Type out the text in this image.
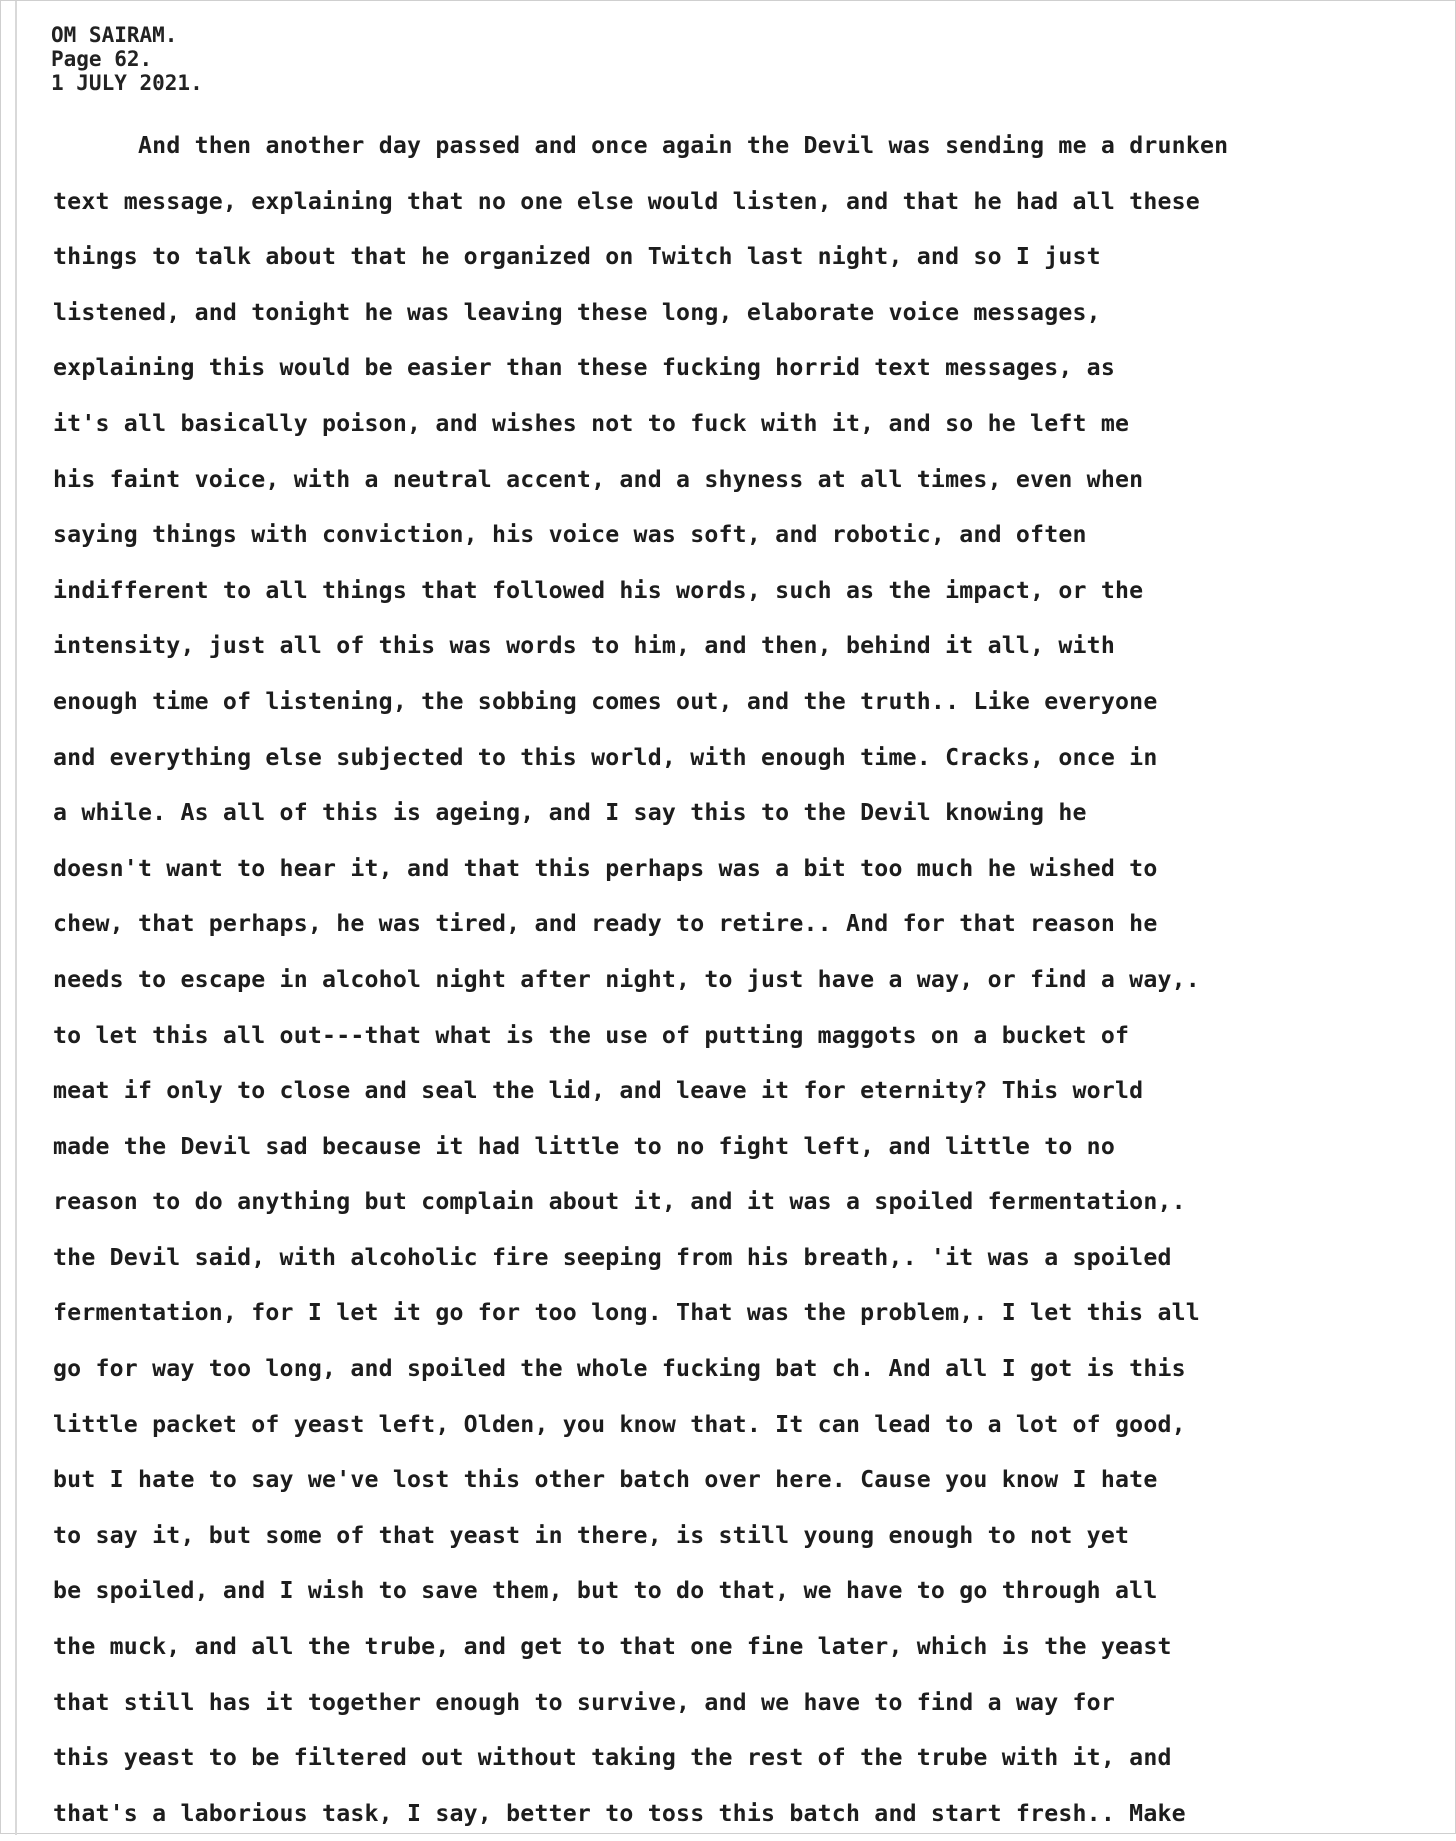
OM SAIRAM.
Page 62.
1 JULY 2021.
And then another day passed and once again the Devil was sending me a drunken
text message, explaining that no one else would listen, and that he had all these
things to talk about that he organized on Twitch last night, and so I just
listened, and tonight he was leaving these long, elaborate voice messages,
explaining this would be easier than these fucking horrid text messages, as
it's all basically poison, and wishes not to fuck with it, and so he left me
his faint voice, with a neutral accent, and a shyness at all times, even when
saying things with conviction, his voice was soft, and robotic, and often
indifferent to all things that followed his words, such as the impact, or the
intensity, just all of this was words to him, and then, behind it all, with
enough time of listening, the sobbing comes out, and the truth.. Like everyone
and everything else subjected to this world, with enough time. Cracks, once in
a while. As all of this is ageing, and I say this to the Devil knowing he
doesn't want to hear it, and that this perhaps was a bit too much he wished to
chew, that perhaps, he was tired, and ready to retire.. And for that reason he
needs to escape in alcohol night after night, to just have a way, or find a way,.
to let this all out---that what is the use of putting maggots on a bucket of
meat if only to close and seal the lid, and leave it for eternity? This world
made the Devil sad because it had little to no fight left, and little to no
reason to do anything but complain about it, and it was a spoiled fermentation,.
the Devil said, with alcoholic fire seeping from his breath,. 'it was a spoiled
fermentation, for I let it go for too long. That was the problem,. I let this all
go for way too long, and spoiled the whole fucking bat ch. And all I got is this
little packet of yeast left, Olden, you know that. It can lead to a lot of good,
but I hate to say we've lost this other batch over here. Cause you know I hate
to say it, but some of that yeast in there, is still young enough to not yet
be spoiled, and I wish to save them, but to do that, we have to go through all
the muck, and all the trube, and get to that one fine later, which is the yeast
that still has it together enough to survive, and we have to find a way for
this yeast to be filtered out without taking the rest of the trube with it, and
that's a laborious task, I say, better to toss this batch and start fresh.. Make
